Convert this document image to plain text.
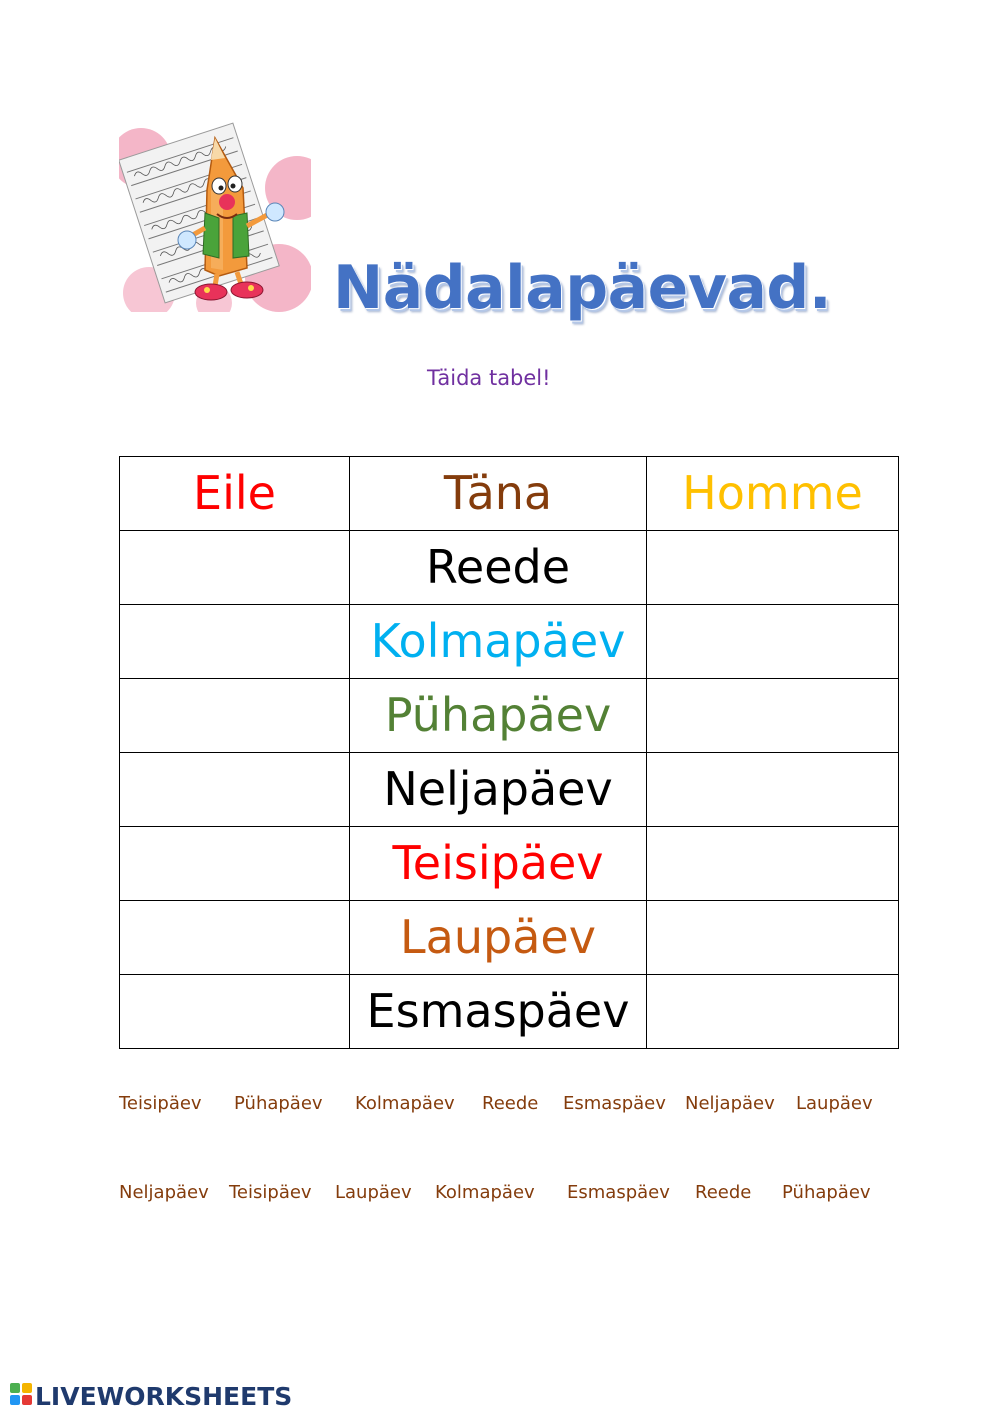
Nädalapäevad.
Täida tabel!
Eile	Täna	Homme
	Reede	
	Kolmapäev	
	Pühapäev	
	Neljapäev	
	Teisipäev	
	Laupäev	
	Esmaspäev	
Teisipäev Pühapäev Kolmapäev Reede Esmaspäev Neljapäev Laupäev
Neljapäev Teisipäev Laupäev Kolmapäev Esmaspäev Reede Pühapäev
LIVEWORKSHEETS
